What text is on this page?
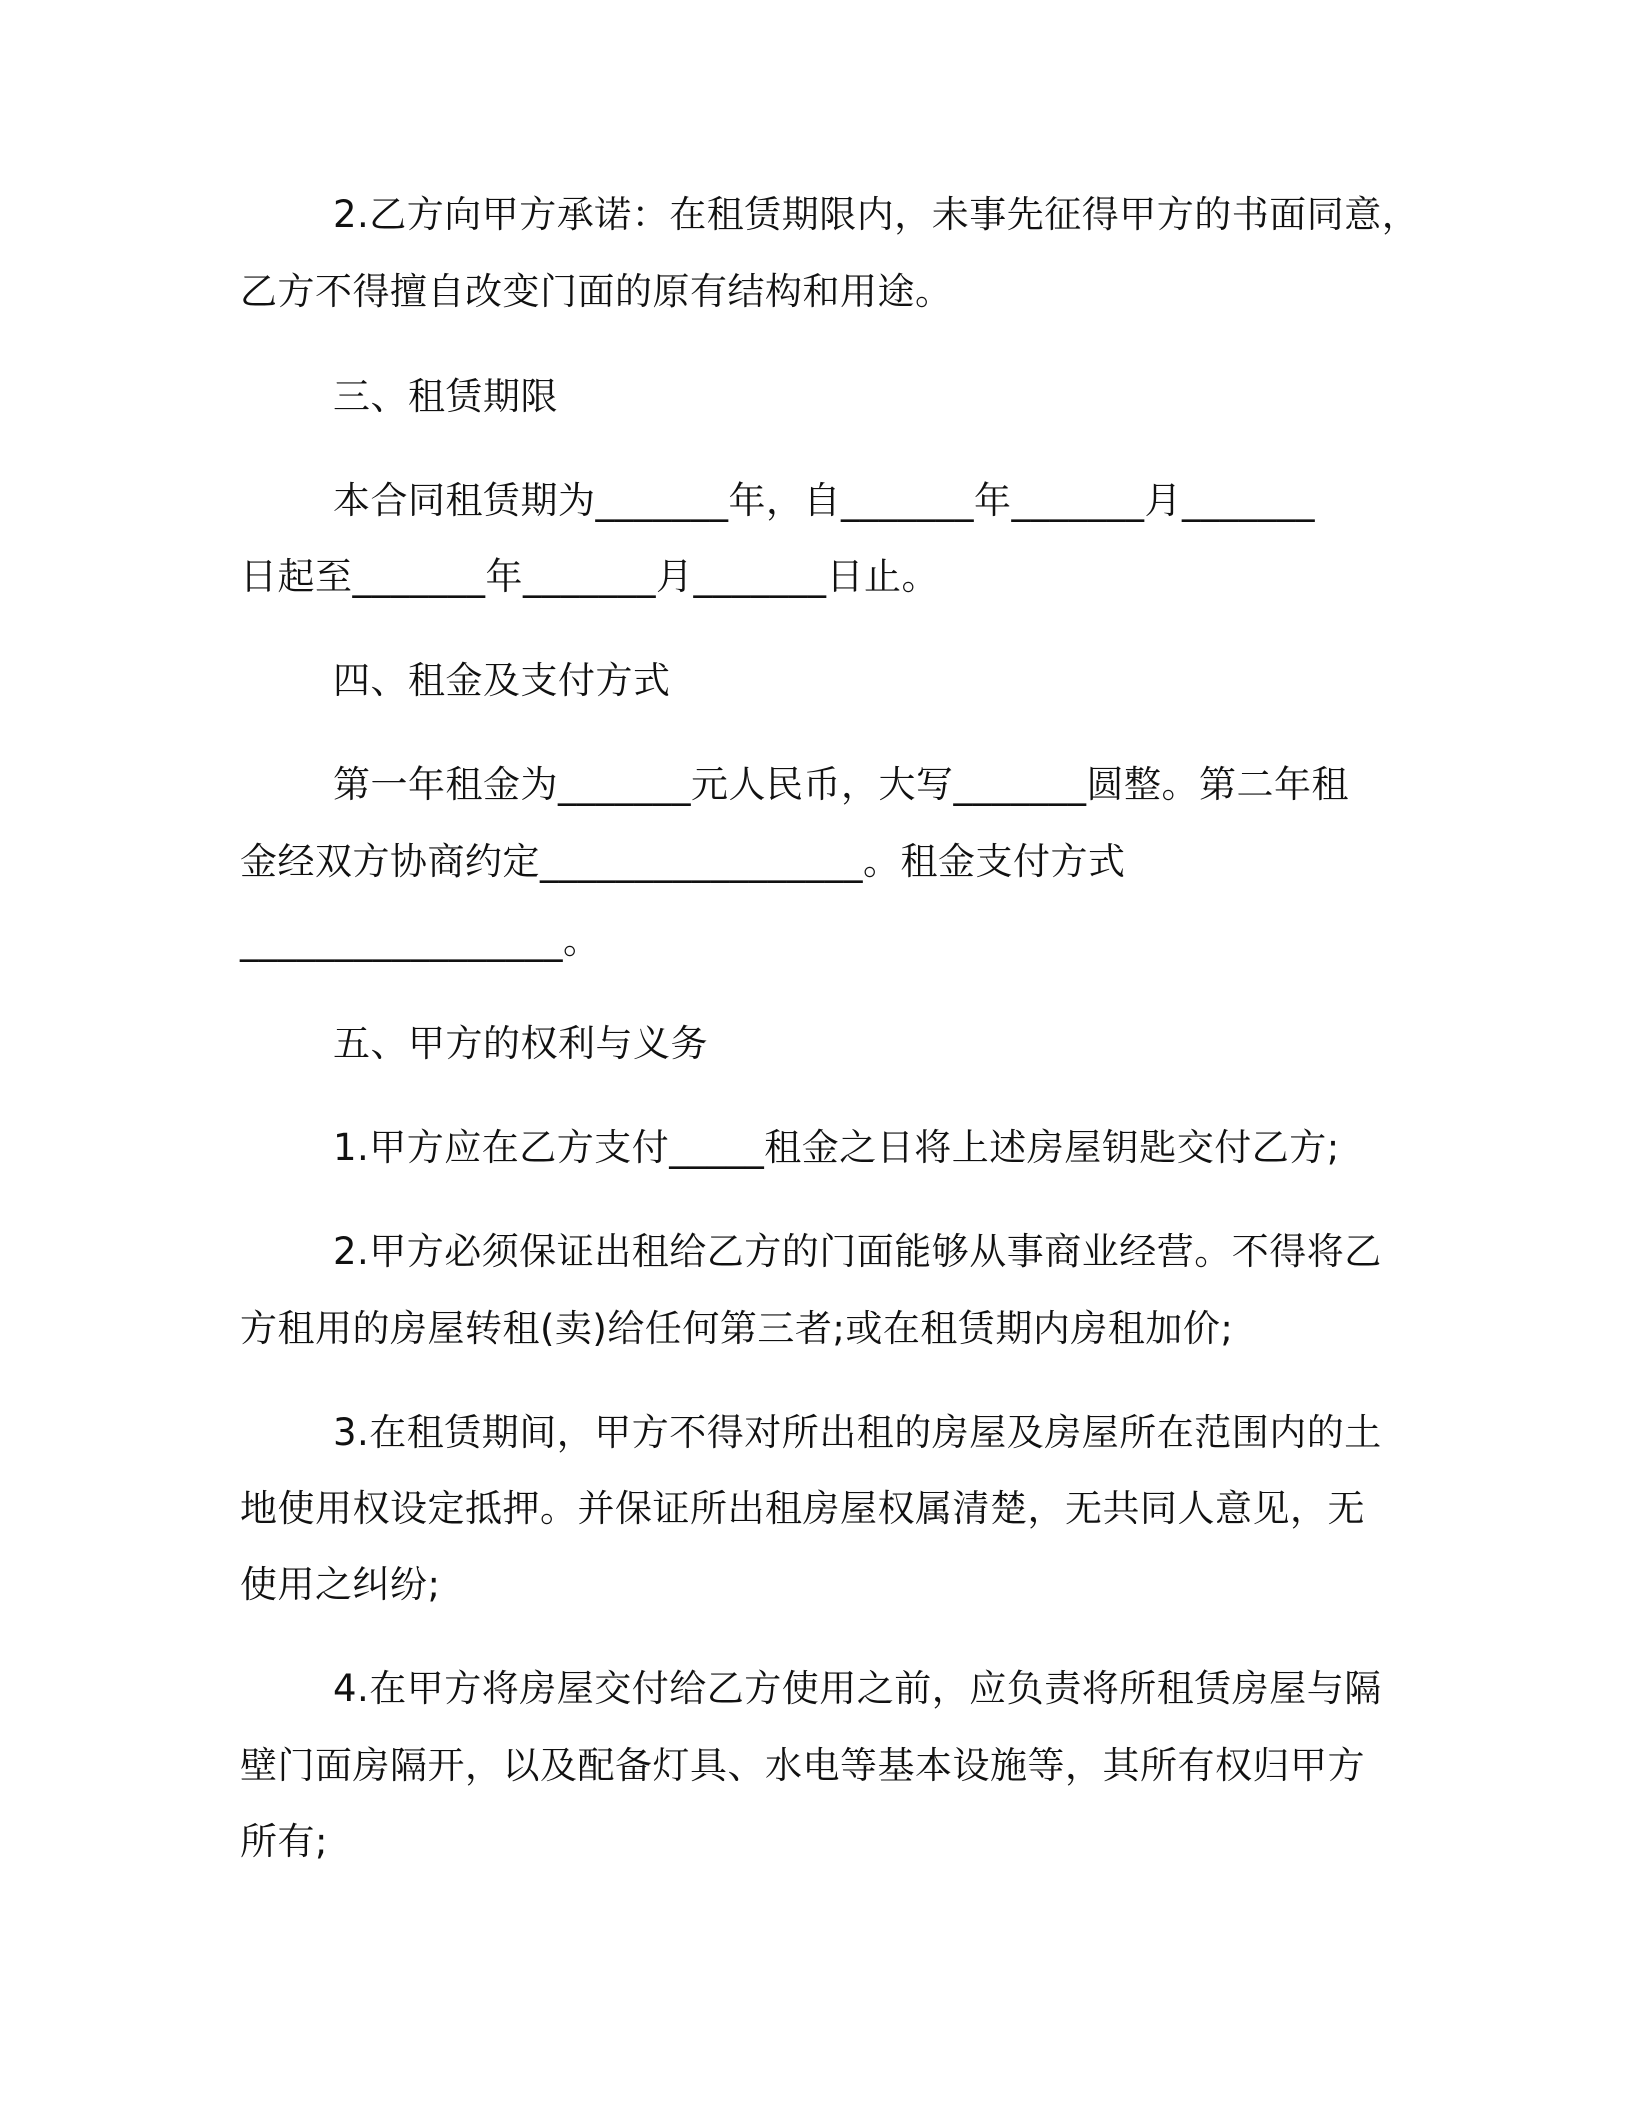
2.乙方向甲方承诺：在租赁期限内，未事先征得甲方的书面同意，
乙方不得擅自改变门面的原有结构和用途。
三、租赁期限
本合同租赁期为_______年，自_______年_______月_______
日起至_______年_______月_______日止。
四、租金及支付方式
第一年租金为_______元人民币，大写_______圆整。第二年租
金经双方协商约定_________________。租金支付方式
_________________。
五、甲方的权利与义务
1.甲方应在乙方支付_____租金之日将上述房屋钥匙交付乙方;
2.甲方必须保证出租给乙方的门面能够从事商业经营。不得将乙
方租用的房屋转租(卖)给任何第三者;或在租赁期内房租加价;
3.在租赁期间，甲方不得对所出租的房屋及房屋所在范围内的土
地使用权设定抵押。并保证所出租房屋权属清楚，无共同人意见，无
使用之纠纷;
4.在甲方将房屋交付给乙方使用之前，应负责将所租赁房屋与隔
壁门面房隔开，以及配备灯具、水电等基本设施等，其所有权归甲方
所有;
